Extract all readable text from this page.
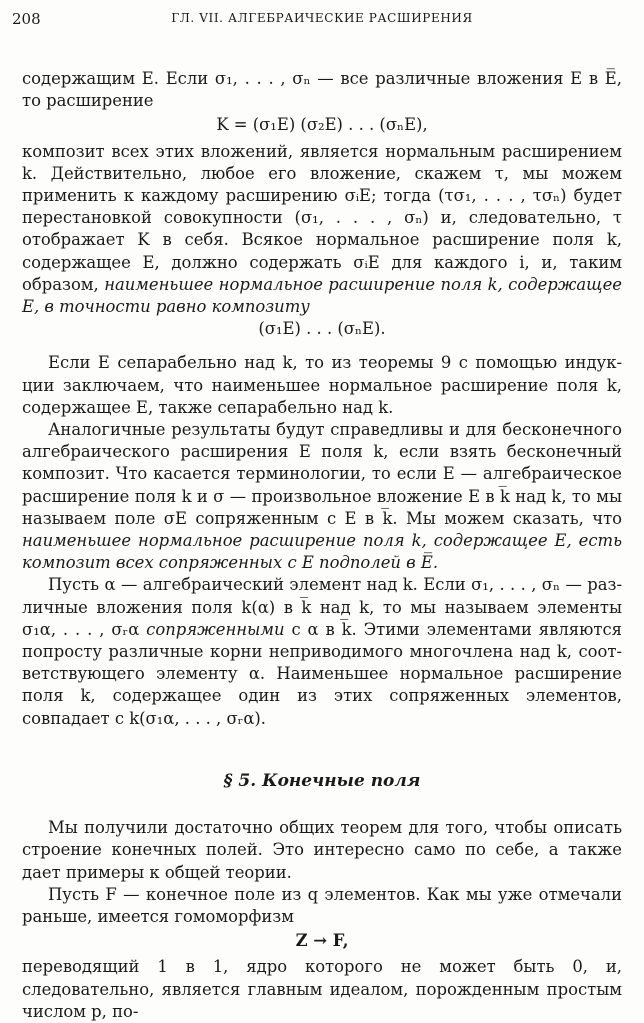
208	ГЛ. VII. АЛГЕБРАИЧЕСКИЕ РАСШИРЕНИЯ

содержащим E. Если σ₁, . . . , σₙ — все различные вложения E в E̅, то расширение

K = (σ₁E) (σ₂E) . . . (σₙE),

композит всех этих вложений, является нормальным расширением k. Действительно, любое его вложение, скажем τ, мы можем применить к каждому расширению σᵢE; тогда (τσ₁, . . . , τσₙ) будет перестановкой совокупности (σ₁, . . . , σₙ) и, следовательно, τ отображает K в себя. Всякое нормальное расширение поля k, содержащее E, должно содержать σᵢE для каждого i, и, таким образом, наименьшее нормальное расширение поля k, содержащее E, в точности равно композиту

(σ₁E) . . . (σₙE).

Если E сепарабельно над k, то из теоремы 9 с помощью индукции заключаем, что наименьшее нормальное расширение поля k, содержащее E, также сепарабельно над k.

Аналогичные результаты будут справедливы и для бесконечного алгебраического расширения E поля k, если взять бесконечный композит. Что касается терминологии, то если E — алгебраическое расширение поля k и σ — произвольное вложение E в k̅ над k, то мы называем поле σE сопряженным с E в k̅. Мы можем сказать, что наименьшее нормальное расширение поля k, содержащее E, есть композит всех сопряженных с E подполей в E̅.

Пусть α — алгебраический элемент над k. Если σ₁, . . . , σₙ — различные вложения поля k(α) в k̅ над k, то мы называем элементы σ₁α, . . . , σᵣα сопряженными с α в k̅. Этими элементами являются попросту различные корни неприводимого многочлена над k, соответствующего элементу α. Наименьшее нормальное расширение поля k, содержащее один из этих сопряженных элементов, совпадает с k(σ₁α, . . . , σᵣα).

§ 5. Конечные поля

Мы получили достаточно общих теорем для того, чтобы описать строение конечных полей. Это интересно само по себе, а также дает примеры к общей теории.

Пусть F — конечное поле из q элементов. Как мы уже отмечали раньше, имеется гомоморфизм

Z → F,

переводящий 1 в 1, ядро которого не может быть 0, и, следовательно, является главным идеалом, порожденным простым числом p, по-
